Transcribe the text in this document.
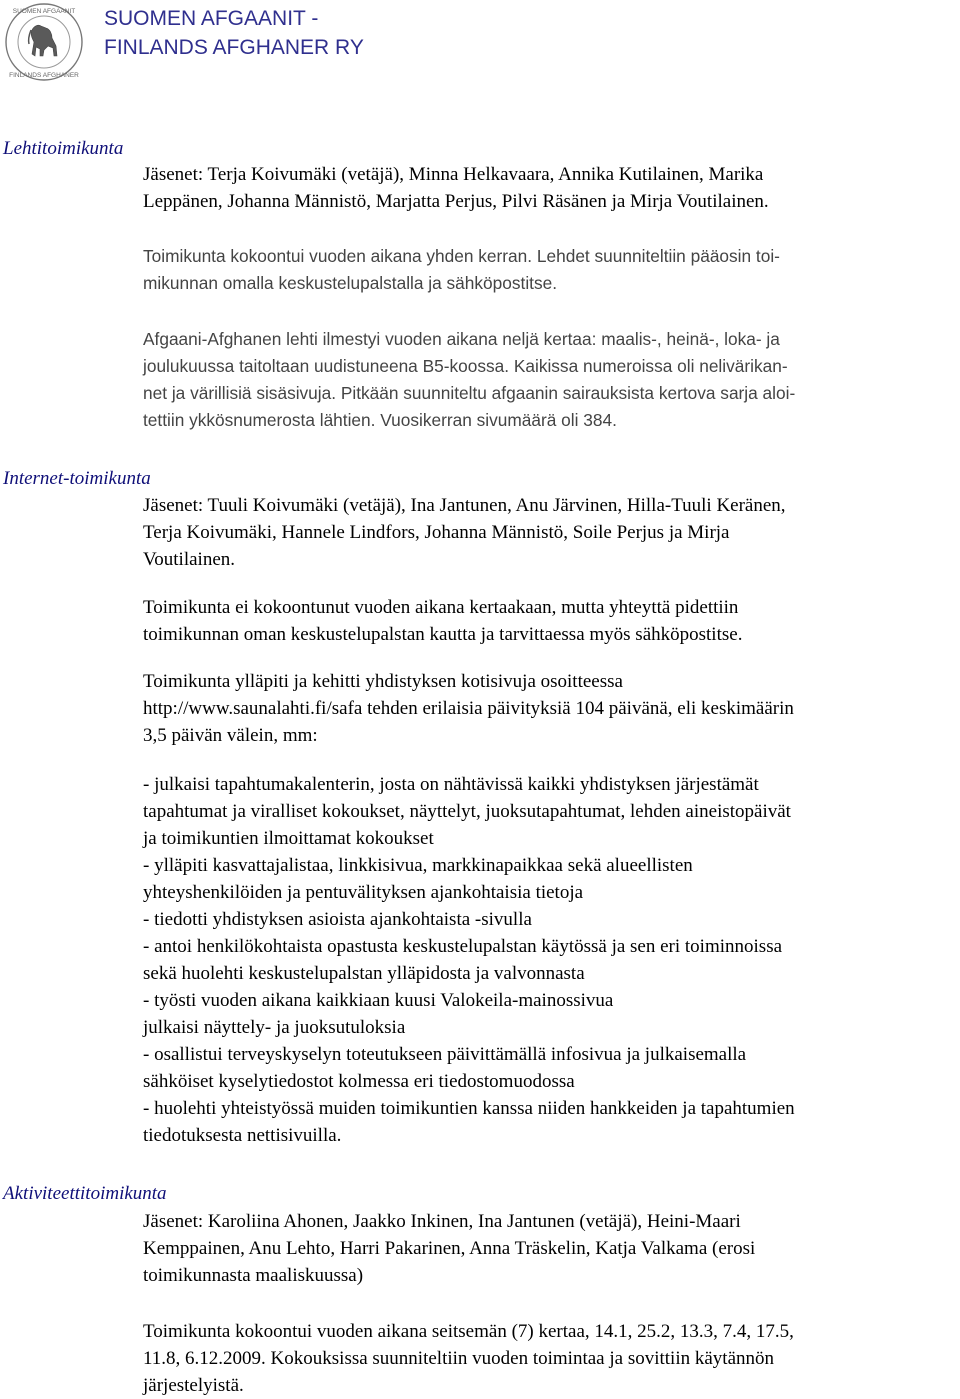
SUOMEN AFGAANIT
FINLANDS AFGHANER
SUOMEN AFGAANIT -
FINLANDS AFGHANER RY
Lehtitoimikunta

Jäsenet: Terja Koivumäki (vetäjä), Minna Helkavaara, Annika Kutilainen, Marika
Leppänen, Johanna Männistö, Marjatta Perjus, Pilvi Räsänen ja Mirja Voutilainen.

Toimikunta kokoontui vuoden aikana yhden kerran. Lehdet suunniteltiin pääosin toi-
mikunnan omalla keskustelupalstalla ja sähköpostitse.

Afgaani-Afghanen lehti ilmestyi vuoden aikana neljä kertaa: maalis-, heinä-, loka- ja
joulukuussa taitoltaan uudistuneena B5-koossa. Kaikissa numeroissa oli nelivärikan-
net ja värillisiä sisäsivuja. Pitkään suunniteltu afgaanin sairauksista kertova sarja aloi-
tettiin ykkösnumerosta lähtien. Vuosikerran sivumäärä oli 384.

Internet-toimikunta

Jäsenet: Tuuli Koivumäki (vetäjä), Ina Jantunen, Anu Järvinen, Hilla-Tuuli Keränen,
Terja Koivumäki, Hannele Lindfors, Johanna Männistö, Soile Perjus ja Mirja
Voutilainen.

Toimikunta ei kokoontunut vuoden aikana kertaakaan, mutta yhteyttä pidettiin
toimikunnan oman keskustelupalstan kautta ja tarvittaessa myös sähköpostitse.

Toimikunta ylläpiti ja kehitti yhdistyksen kotisivuja osoitteessa
http://www.saunalahti.fi/safa tehden erilaisia päivityksiä 104 päivänä, eli keskimäärin
3,5 päivän välein, mm:

- julkaisi tapahtumakalenterin, josta on nähtävissä kaikki yhdistyksen järjestämät
tapahtumat ja viralliset kokoukset, näyttelyt, juoksutapahtumat, lehden aineistopäivät
ja toimikuntien ilmoittamat kokoukset
- ylläpiti kasvattajalistaa, linkkisivua, markkinapaikkaa sekä alueellisten
yhteyshenkilöiden ja pentuvälityksen ajankohtaisia tietoja
- tiedotti yhdistyksen asioista ajankohtaista -sivulla
- antoi henkilökohtaista opastusta keskustelupalstan käytössä ja sen eri toiminnoissa
sekä huolehti keskustelupalstan ylläpidosta ja valvonnasta
- työsti vuoden aikana kaikkiaan kuusi Valokeila-mainossivua
julkaisi näyttely- ja juoksutuloksia
- osallistui terveyskyselyn toteutukseen päivittämällä infosivua ja julkaisemalla
sähköiset kyselytiedostot kolmessa eri tiedostomuodossa
- huolehti yhteistyössä muiden toimikuntien kanssa niiden hankkeiden ja tapahtumien
tiedotuksesta nettisivuilla.

Aktiviteettitoimikunta

Jäsenet: Karoliina Ahonen, Jaakko Inkinen, Ina Jantunen (vetäjä), Heini-Maari
Kemppainen, Anu Lehto, Harri Pakarinen, Anna Träskelin, Katja Valkama (erosi
toimikunnasta maaliskuussa)

Toimikunta kokoontui vuoden aikana seitsemän (7) kertaa, 14.1, 25.2, 13.3, 7.4, 17.5,
11.8, 6.12.2009. Kokouksissa suunniteltiin vuoden toimintaa ja sovittiin käytännön
järjestelyistä.
